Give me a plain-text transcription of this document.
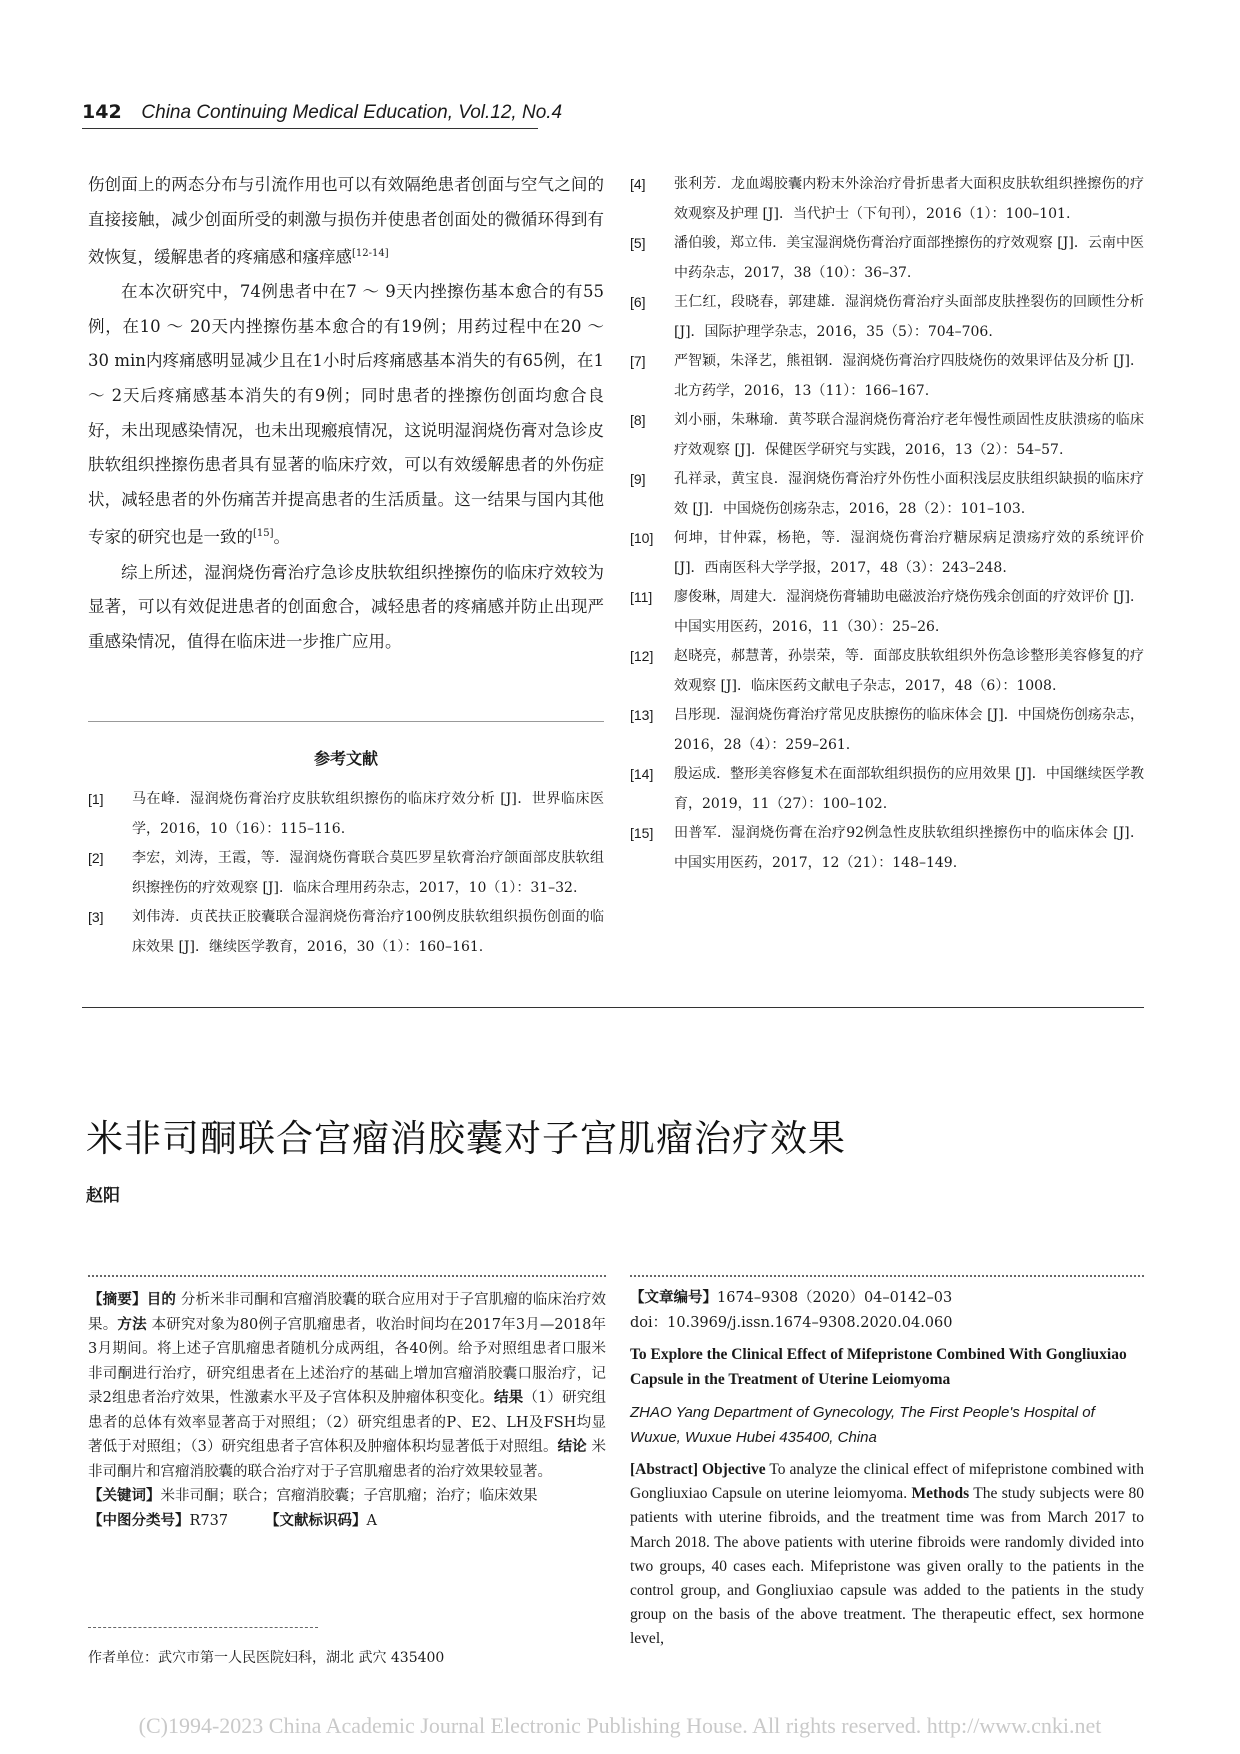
142 China Continuing Medical Education, Vol.12, No.4

伤创面上的两态分布与引流作用也可以有效隔绝患者创面与空气之间的直接接触，减少创面所受的刺激与损伤并使患者创面处的微循环得到有效恢复，缓解患者的疼痛感和瘙痒感[12-14]

在本次研究中，74例患者中在7 ～ 9天内挫擦伤基本愈合的有55例，在10 ～ 20天内挫擦伤基本愈合的有19例；用药过程中在20 ～ 30 min内疼痛感明显减少且在1小时后疼痛感基本消失的有65例，在1 ～ 2天后疼痛感基本消失的有9例；同时患者的挫擦伤创面均愈合良好，未出现感染情况，也未出现瘢痕情况，这说明湿润烧伤膏对急诊皮肤软组织挫擦伤患者具有显著的临床疗效，可以有效缓解患者的外伤症状，减轻患者的外伤痛苦并提高患者的生活质量。这一结果与国内其他专家的研究也是一致的[15]。

综上所述，湿润烧伤膏治疗急诊皮肤软组织挫擦伤的临床疗效较为显著，可以有效促进患者的创面愈合，减轻患者的疼痛感并防止出现严重感染情况，值得在临床进一步推广应用。

参考文献
[1]	马在峰．湿润烧伤膏治疗皮肤软组织擦伤的临床疗效分析 [J]．世界临床医学，2016，10（16）：115–116.
[2]	李宏，刘涛，王霞，等．湿润烧伤膏联合莫匹罗星软膏治疗颌面部皮肤软组织擦挫伤的疗效观察 [J]．临床合理用药杂志，2017，10（1）：31–32.
[3]	刘伟涛．贞芪扶正胶囊联合湿润烧伤膏治疗100例皮肤软组织损伤创面的临床效果 [J]．继续医学教育，2016，30（1）：160–161.
[4]	张利芳．龙血竭胶囊内粉末外涂治疗骨折患者大面积皮肤软组织挫擦伤的疗效观察及护理 [J]．当代护士（下旬刊），2016（1）：100–101.
[5]	潘伯骏，郑立伟．美宝湿润烧伤膏治疗面部挫擦伤的疗效观察 [J]．云南中医中药杂志，2017，38（10）：36–37.
[6]	王仁红，段晓春，郭建雄．湿润烧伤膏治疗头面部皮肤挫裂伤的回顾性分析 [J]．国际护理学杂志，2016，35（5）：704–706.
[7]	严智颖，朱泽艺，熊祖钢．湿润烧伤膏治疗四肢烧伤的效果评估及分析 [J]．北方药学，2016，13（11）：166–167.
[8]	刘小丽，朱琳瑜．黄芩联合湿润烧伤膏治疗老年慢性顽固性皮肤溃疡的临床疗效观察 [J]．保健医学研究与实践，2016，13（2）：54–57.
[9]	孔祥录，黄宝良．湿润烧伤膏治疗外伤性小面积浅层皮肤组织缺损的临床疗效 [J]．中国烧伤创疡杂志，2016，28（2）：101–103.
[10]	何坤，甘仲霖，杨艳，等．湿润烧伤膏治疗糖尿病足溃疡疗效的系统评价 [J]．西南医科大学学报，2017，48（3）：243–248.
[11]	廖俊琳，周建大．湿润烧伤膏辅助电磁波治疗烧伤残余创面的疗效评价 [J]．中国实用医药，2016，11（30）：25–26.
[12]	赵晓亮，郝慧菁，孙崇荣，等．面部皮肤软组织外伤急诊整形美容修复的疗效观察 [J]．临床医药文献电子杂志，2017，48（6）：1008.
[13]	吕彤现．湿润烧伤膏治疗常见皮肤擦伤的临床体会 [J]．中国烧伤创疡杂志，2016，28（4）：259–261.
[14]	殷运成．整形美容修复术在面部软组织损伤的应用效果 [J]．中国继续医学教育，2019，11（27）：100–102.
[15]	田普军．湿润烧伤膏在治疗92例急性皮肤软组织挫擦伤中的临床体会 [J]．中国实用医药，2017，12（21）：148–149.
米非司酮联合宫瘤消胶囊对子宫肌瘤治疗效果
赵阳

【摘要】目的 分析米非司酮和宫瘤消胶囊的联合应用对于子宫肌瘤的临床治疗效果。方法 本研究对象为80例子宫肌瘤患者，收治时间均在2017年3月—2018年3月期间。将上述子宫肌瘤患者随机分成两组，各40例。给予对照组患者口服米非司酮进行治疗，研究组患者在上述治疗的基础上增加宫瘤消胶囊口服治疗，记录2组患者治疗效果，性激素水平及子宫体积及肿瘤体积变化。结果（1）研究组患者的总体有效率显著高于对照组；（2）研究组患者的P、E2、LH及FSH均显著低于对照组；（3）研究组患者子宫体积及肿瘤体积均显著低于对照组。结论 米非司酮片和宫瘤消胶囊的联合治疗对于子宫肌瘤患者的治疗效果较显著。

【关键词】米非司酮；联合；宫瘤消胶囊；子宫肌瘤；治疗；临床效果

【中图分类号】R737	【文献标识码】A

作者单位：武穴市第一人民医院妇科，湖北 武穴 435400
【文章编号】1674–9308（2020）04–0142–03
doi：10.3969/j.issn.1674–9308.2020.04.060
To Explore the Clinical Effect of Mifepristone Combined With Gongliuxiao Capsule in the Treatment of Uterine Leiomyoma
ZHAO Yang Department of Gynecology, The First People's Hospital of Wuxue, Wuxue Hubei 435400, China
[Abstract] Objective To analyze the clinical effect of mifepristone combined with Gongliuxiao Capsule on uterine leiomyoma. Methods The study subjects were 80 patients with uterine fibroids, and the treatment time was from March 2017 to March 2018. The above patients with uterine fibroids were randomly divided into two groups, 40 cases each. Mifepristone was given orally to the patients in the control group, and Gongliuxiao capsule was added to the patients in the study group on the basis of the above treatment. The therapeutic effect, sex hormone level,
(C)1994-2023 China Academic Journal Electronic Publishing House. All rights reserved. http://www.cnki.net
